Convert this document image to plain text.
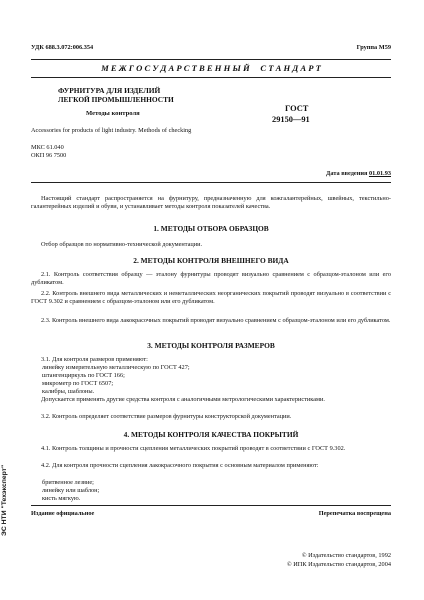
УДК 688.3.072:006.354	Группа М59
М Е Ж Г О С У Д А Р С Т В Е Н Н Ы Й     С Т А Н Д А Р Т
ФУРНИТУРА ДЛЯ ИЗДЕЛИЙ
ЛЕГКОЙ ПРОМЫШЛЕННОСТИ
Методы контроля
ГОСТ
29150—91
Accessories for products of light industry. Methods of checking
МКС 61.040
ОКП 96 7500
Дата введения 01.01.93
Настоящий стандарт распространяется на фурнитуру, предназначенную для кожгалантерейных, швейных, текстильно-галантерейных изделий и обуви, и устанавливает методы контроля показателей качества.
1. МЕТОДЫ ОТБОРА ОБРАЗЦОВ
Отбор образцов по нормативно-технической документации.
2. МЕТОДЫ КОНТРОЛЯ ВНЕШНЕГО ВИДА
2.1. Контроль соответствия образцу — эталону фурнитуры проводят визуально сравнением с образцом-эталоном или его дубликатом.
2.2. Контроль внешнего вида металлических и неметаллических неорганических покрытий проводят визуально в соответствии с ГОСТ 9.302 и сравнением с образцом-эталоном или его дубликатом.
2.3. Контроль внешнего вида лакокрасочных покрытий проводят визуально сравнением с образцом-эталоном или его дубликатом.
3. МЕТОДЫ КОНТРОЛЯ РАЗМЕРОВ
3.1. Для контроля размеров применяют:
линейку измерительную металлическую по ГОСТ 427;
штангенциркуль по ГОСТ 166;
микрометр по ГОСТ 6507;
калибры, шаблоны.
Допускается применять другие средства контроля с аналогичными метрологическими характеристиками.
3.2. Контроль определяет соответствие размеров фурнитуры конструкторской документации.
4. МЕТОДЫ КОНТРОЛЯ КАЧЕСТВА ПОКРЫТИЙ
4.1. Контроль толщины и прочности сцепления металлических покрытий проводят в соответствии с ГОСТ 9.302.
4.2. Для контроля прочности сцепления лакокрасочного покрытия с основным материалом применяют:
бритвенное лезвие;
линейку или шаблон;
кисть мягкую.
Издание официальное	Перепечатка воспрещена
© Издательство стандартов, 1992
© ИПК Издательство стандартов, 2004
ЭС НТИ "Техэксперт"
